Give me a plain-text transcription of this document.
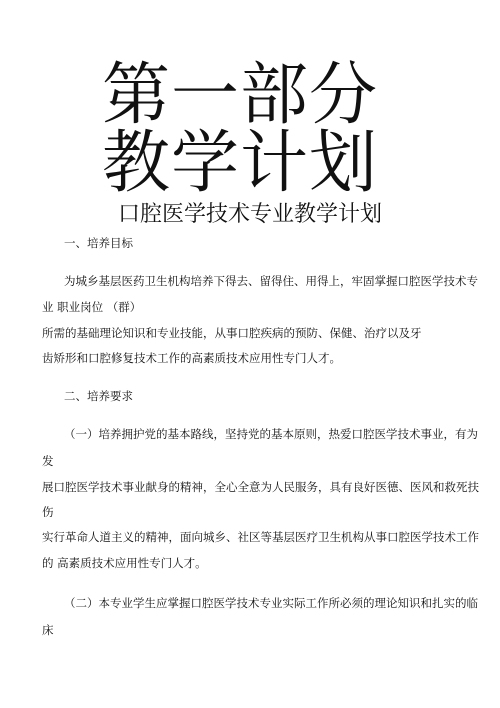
第一部分
教学计划
口腔医学技术专业教学计划
一、培养目标
为城乡基层医药卫生机构培养下得去、留得住、用得上，牢固掌握口腔医学技术专
业 职业岗位 （群）
所需的基础理论知识和专业技能，从事口腔疾病的预防、保健、治疗以及牙
齿矫形和口腔修复技术工作的高素质技术应用性专门人才。
二、培养要求
（一）培养拥护党的基本路线，坚持党的基本原则，热爱口腔医学技术事业，有为
发
展口腔医学技术事业献身的精神，全心全意为人民服务，具有良好医德、医风和救死扶
伤
实行革命人道主义的精神，面向城乡、社区等基层医疗卫生机构从事口腔医学技术工作
的 高素质技术应用性专门人才。
（二）本专业学生应掌握口腔医学技术专业实际工作所必须的理论知识和扎实的临
床
